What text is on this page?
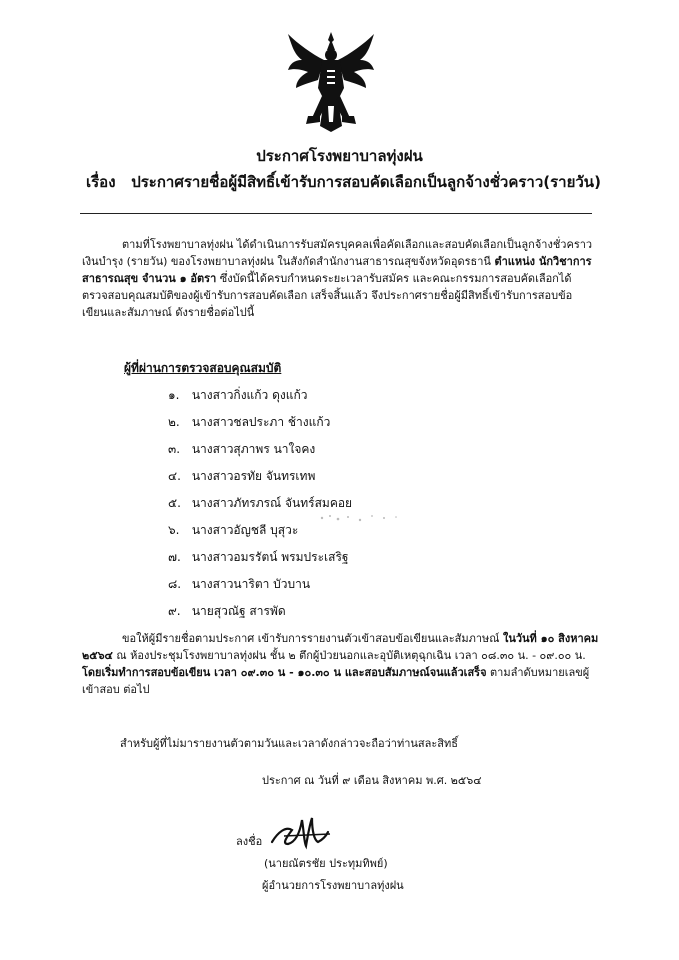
ประกาศโรงพยาบาลทุ่งฝน
เรื่อง ประกาศรายชื่อผู้มีสิทธิ์เข้ารับการสอบคัดเลือกเป็นลูกจ้างชั่วคราว(รายวัน)

ตามที่โรงพยาบาลทุ่งฝน ได้ดำเนินการรับสมัครบุคคลเพื่อคัดเลือกและสอบคัดเลือกเป็นลูกจ้างชั่วคราวเงินบำรุง (รายวัน) ของโรงพยาบาลทุ่งฝน ในสังกัดสำนักงานสาธารณสุขจังหวัดอุดรธานี ตำแหน่ง นักวิชาการสาธารณสุข จำนวน ๑ อัตรา ซึ่งบัดนี้ได้ครบกำหนดระยะเวลารับสมัคร และคณะกรรมการสอบคัดเลือกได้ตรวจสอบคุณสมบัติของผู้เข้ารับการสอบคัดเลือก เสร็จสิ้นแล้ว จึงประกาศรายชื่อผู้มีสิทธิ์เข้ารับการสอบข้อเขียนและสัมภาษณ์ ดังรายชื่อต่อไปนี้

ผู้ที่ผ่านการตรวจสอบคุณสมบัติ
๑. นางสาวกิ่งแก้ว ดุงแก้ว
๒. นางสาวชลประภา ช้างแก้ว
๓. นางสาวสุภาพร นาใจคง
๔. นางสาวอรทัย จันทรเทพ
๕. นางสาวภัทรภรณ์ จันทร์สมคอย
๖. นางสาวอัญชลี บุสุวะ
๗. นางสาวอมรรัตน์ พรมประเสริฐ
๘. นางสาวนาริตา บัวบาน
๙. นายสุวณัฐ สารพัด

ขอให้ผู้มีรายชื่อตามประกาศ เข้ารับการรายงานตัวเข้าสอบข้อเขียนและสัมภาษณ์ ในวันที่ ๑๐ สิงหาคม ๒๕๖๔ ณ ห้องประชุมโรงพยาบาลทุ่งฝน ชั้น ๒ ตึกผู้ป่วยนอกและอุบัติเหตุฉุกเฉิน เวลา ๐๘.๓๐ น. - ๐๙.๐๐ น. โดยเริ่มทำการสอบข้อเขียน เวลา ๐๙.๓๐ น - ๑๐.๓๐ น และสอบสัมภาษณ์จนแล้วเสร็จ ตามลำดับหมายเลขผู้เข้าสอบ ต่อไป

สำหรับผู้ที่ไม่มารายงานตัวตามวันและเวลาดังกล่าวจะถือว่าท่านสละสิทธิ์
ประกาศ ณ วันที่ ๙ เดือน สิงหาคม พ.ศ. ๒๕๖๔
ลงชื่อ
(นายณัตรชัย ประทุมทิพย์)
ผู้อำนวยการโรงพยาบาลทุ่งฝน
